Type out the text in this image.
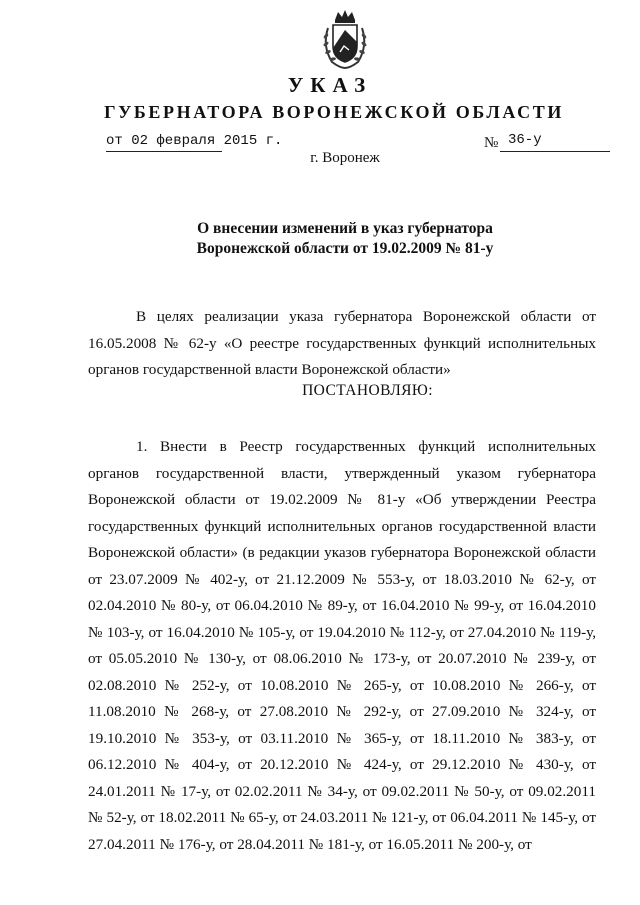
УКАЗ
ГУБЕРНАТОРА ВОРОНЕЖСКОЙ ОБЛАСТИ
от 02 февраля 2015 г.	№ 36-у
г. Воронеж
О внесении изменений в указ губернатора Воронежской области от 19.02.2009 № 81-у
В целях реализации указа губернатора Воронежской области от 16.05.2008 № 62-у «О реестре государственных функций исполнительных органов государственной власти Воронежской области»
ПОСТАНОВЛЯЮ:
1. Внести в Реестр государственных функций исполнительных органов государственной власти, утвержденный указом губернатора Воронежской области от 19.02.2009 № 81-у «Об утверждении Реестра государственных функций исполнительных органов государственной власти Воронежской области» (в редакции указов губернатора Воронежской области от 23.07.2009 № 402-у, от 21.12.2009 № 553-у, от 18.03.2010 № 62-у, от 02.04.2010 № 80-у, от 06.04.2010 № 89-у, от 16.04.2010 № 99-у, от 16.04.2010 № 103-у, от 16.04.2010 № 105-у, от 19.04.2010 № 112-у, от 27.04.2010 № 119-у, от 05.05.2010 № 130-у, от 08.06.2010 № 173-у, от 20.07.2010 № 239-у, от 02.08.2010 № 252-у, от 10.08.2010 № 265-у, от 10.08.2010 № 266-у, от 11.08.2010 № 268-у, от 27.08.2010 № 292-у, от 27.09.2010 № 324-у, от 19.10.2010 № 353-у, от 03.11.2010 № 365-у, от 18.11.2010 № 383-у, от 06.12.2010 № 404-у, от 20.12.2010 № 424-у, от 29.12.2010 № 430-у, от 24.01.2011 № 17-у, от 02.02.2011 № 34-у, от 09.02.2011 № 50-у, от 09.02.2011 № 52-у, от 18.02.2011 № 65-у, от 24.03.2011 № 121-у, от 06.04.2011 № 145-у, от 27.04.2011 № 176-у, от 28.04.2011 № 181-у, от 16.05.2011 № 200-у, от
